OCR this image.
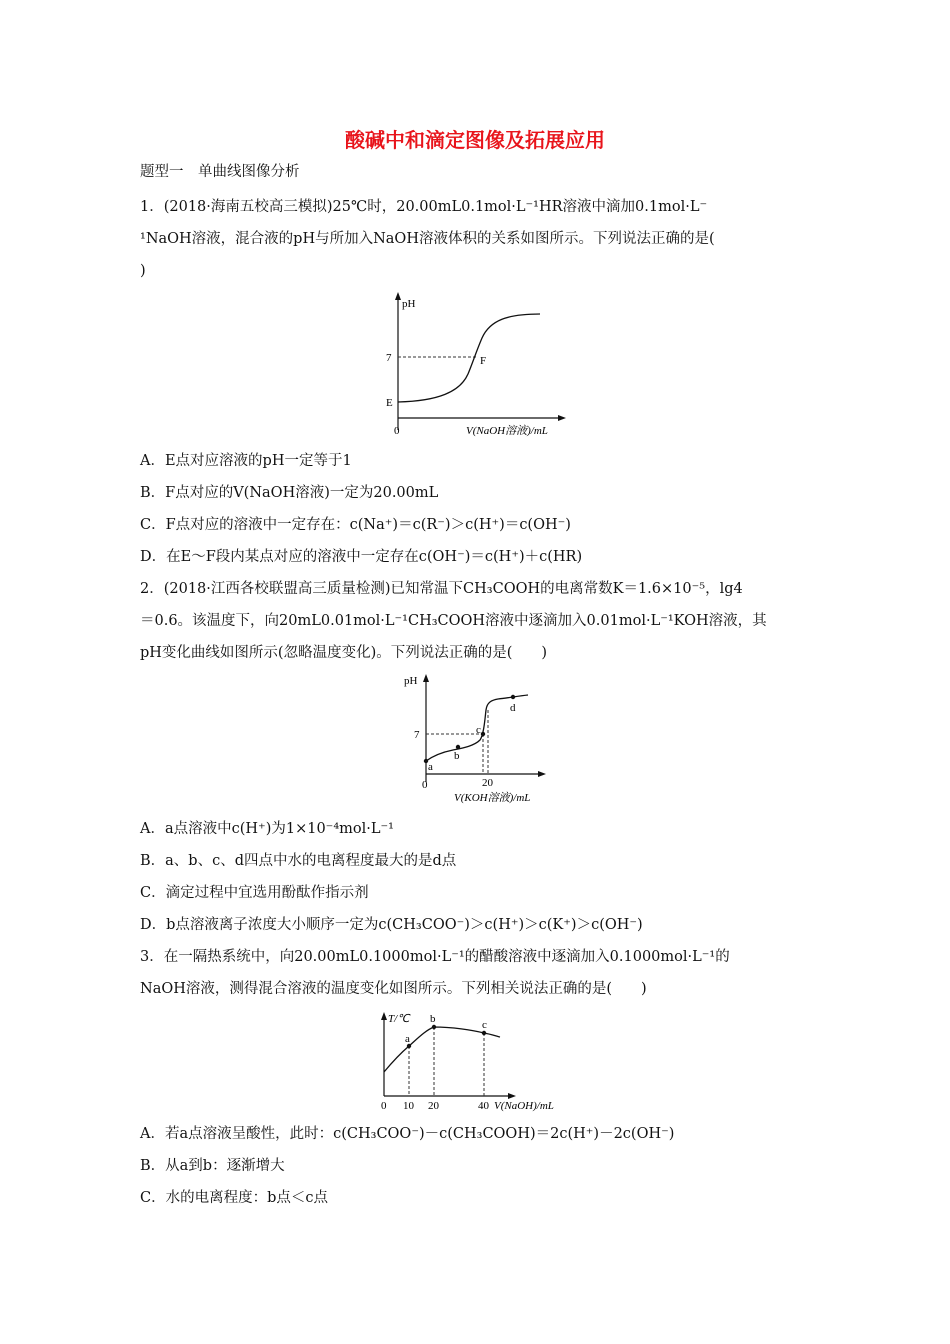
酸碱中和滴定图像及拓展应用
题型一　单曲线图像分析
1．(2018·海南五校高三模拟)25℃时，20.00mL0.1mol·L⁻¹HR溶液中滴加0.1mol·L⁻
¹NaOH溶液，混合液的pH与所加入NaOH溶液体积的关系如图所示。下列说法正确的是(
)
pH
7
E
F
0	V(NaOH溶液)/mL
A．E点对应溶液的pH一定等于1
B．F点对应的V(NaOH溶液)一定为20.00mL
C．F点对应的溶液中一定存在：c(Na⁺)＝c(R⁻)＞c(H⁺)＝c(OH⁻)
D．在E～F段内某点对应的溶液中一定存在c(OH⁻)＝c(H⁺)＋c(HR)
2．(2018·江西各校联盟高三质量检测)已知常温下CH₃COOH的电离常数K＝1.6×10⁻⁵，lg4
＝0.6。该温度下，向20mL0.01mol·L⁻¹CH₃COOH溶液中逐滴加入0.01mol·L⁻¹KOH溶液，其
pH变化曲线如图所示(忽略温度变化)。下列说法正确的是(　　)
pH
7
a
b
c
d
0	20
V(KOH溶液)/mL
A．a点溶液中c(H⁺)为1×10⁻⁴mol·L⁻¹
B．a、b、c、d四点中水的电离程度最大的是d点
C．滴定过程中宜选用酚酞作指示剂
D．b点溶液离子浓度大小顺序一定为c(CH₃COO⁻)＞c(H⁺)＞c(K⁺)＞c(OH⁻)
3．在一隔热系统中，向20.00mL0.1000mol·L⁻¹的醋酸溶液中逐滴加入0.1000mol·L⁻¹的
NaOH溶液，测得混合溶液的温度变化如图所示。下列相关说法正确的是(　　)
T/℃
a
b	c
0 10 20	40 V(NaOH)/mL
A．若a点溶液呈酸性，此时：c(CH₃COO⁻)－c(CH₃COOH)＝2c(H⁺)－2c(OH⁻)
B．从a到b：逐渐增大
C．水的电离程度：b点＜c点
